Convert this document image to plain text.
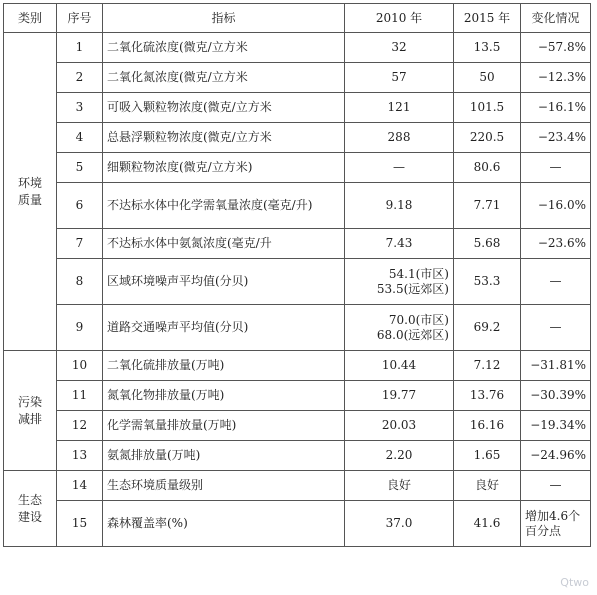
类别	序号	指标	2010 年	2015 年	变化情况

环境
质量	1	二氧化硫浓度(微克/立方米	32	13.5	−57.8%
	2	二氧化氮浓度(微克/立方米	57	50	−12.3%
	3	可吸入颗粒物浓度(微克/立方米	121	101.5	−16.1%
	4	总悬浮颗粒物浓度(微克/立方米	288	220.5	−23.4%
	5	细颗粒物浓度(微克/立方米)	—	80.6	—
	6	不达标水体中化学需氧量浓度(毫克/升)	9.18	7.71	−16.0%
	7	不达标水体中氨氮浓度(毫克/升	7.43	5.68	−23.6%
	8	区域环境噪声平均值(分贝)	54.1(市区)
53.5(远郊区)	53.3	—
	9	道路交通噪声平均值(分贝)	70.0(市区)
68.0(远郊区)	69.2	—

污染
减排	10	二氧化硫排放量(万吨)	10.44	7.12	−31.81%
	11	氮氧化物排放量(万吨)	19.77	13.76	−30.39%
	12	化学需氧量排放量(万吨)	20.03	16.16	−19.34%
	13	氨氮排放量(万吨)	2.20	1.65	−24.96%

生态
建设	14	生态环境质量级别	良好	良好	—
	15	森林覆盖率(%)	37.0	41.6	增加4.6个百分点
Qtwo
